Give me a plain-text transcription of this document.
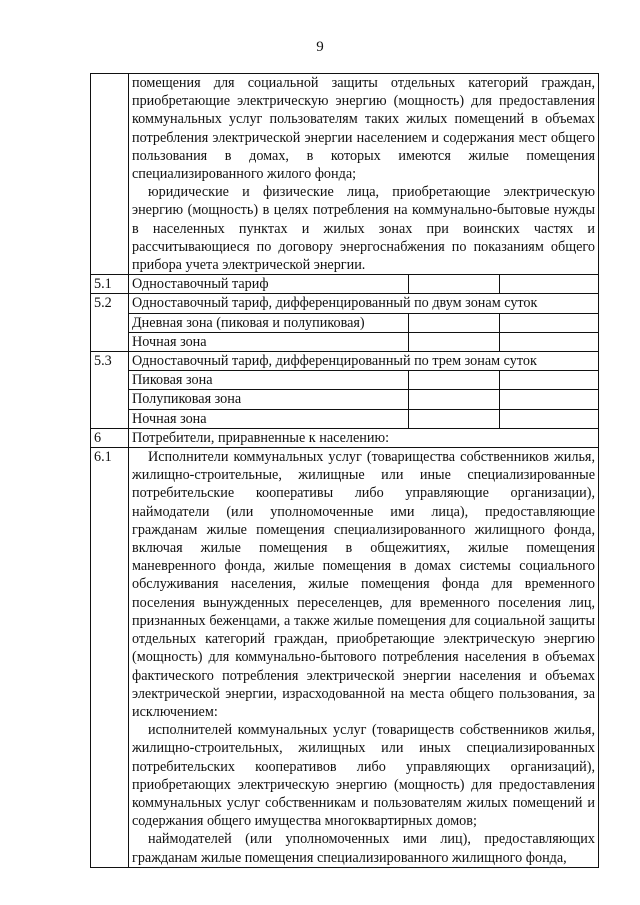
9

	помещения для социальной защиты отдельных категорий граждан, приобретающие электрическую энергию (мощность) для предоставления коммунальных услуг пользователям таких жилых помещений в объемах потребления электрической энергии населением и содержания мест общего пользования в домах, в которых имеются жилые помещения специализированного жилого фонда;
юридические и физические лица, приобретающие электрическую энергию (мощность) в целях потребления на коммунально-бытовые нужды в населенных пунктах и жилых зонах при воинских частях и рассчитывающиеся по договору энергоснабжения по показаниям общего прибора учета электрической энергии.		

5.1	Одноставочный тариф		
5.2	Одноставочный тариф, дифференцированный по двум зонам суток		
	Дневная зона (пиковая и полупиковая)		
	Ночная зона		
5.3	Одноставочный тариф, дифференцированный по трем зонам суток		
	Пиковая зона		
	Полупиковая зона		
	Ночная зона		
6	Потребители, приравненные к населению:		
6.1	Исполнители коммунальных услуг (товарищества собственников жилья, жилищно-строительные, жилищные или иные специализированные потребительские кооперативы либо управляющие организации), наймодатели (или уполномоченные ими лица), предоставляющие гражданам жилые помещения специализированного жилищного фонда, включая жилые помещения в общежитиях, жилые помещения маневренного фонда, жилые помещения в домах системы социального обслуживания населения, жилые помещения фонда для временного поселения вынужденных переселенцев, для временного поселения лиц, признанных беженцами, а также жилые помещения для социальной защиты отдельных категорий граждан, приобретающие электрическую энергию (мощность) для коммунально-бытового потребления населения в объемах фактического потребления электрической энергии населения и объемах электрической энергии, израсходованной на места общего пользования, за исключением:
исполнителей коммунальных услуг (товариществ собственников жилья, жилищно-строительных, жилищных или иных специализированных потребительских кооперативов либо управляющих организаций), приобретающих электрическую энергию (мощность) для предоставления коммунальных услуг собственникам и пользователям жилых помещений и содержания общего имущества многоквартирных домов;
наймодателей (или уполномоченных ими лиц), предоставляющих гражданам жилые помещения специализированного жилищного фонда,		
